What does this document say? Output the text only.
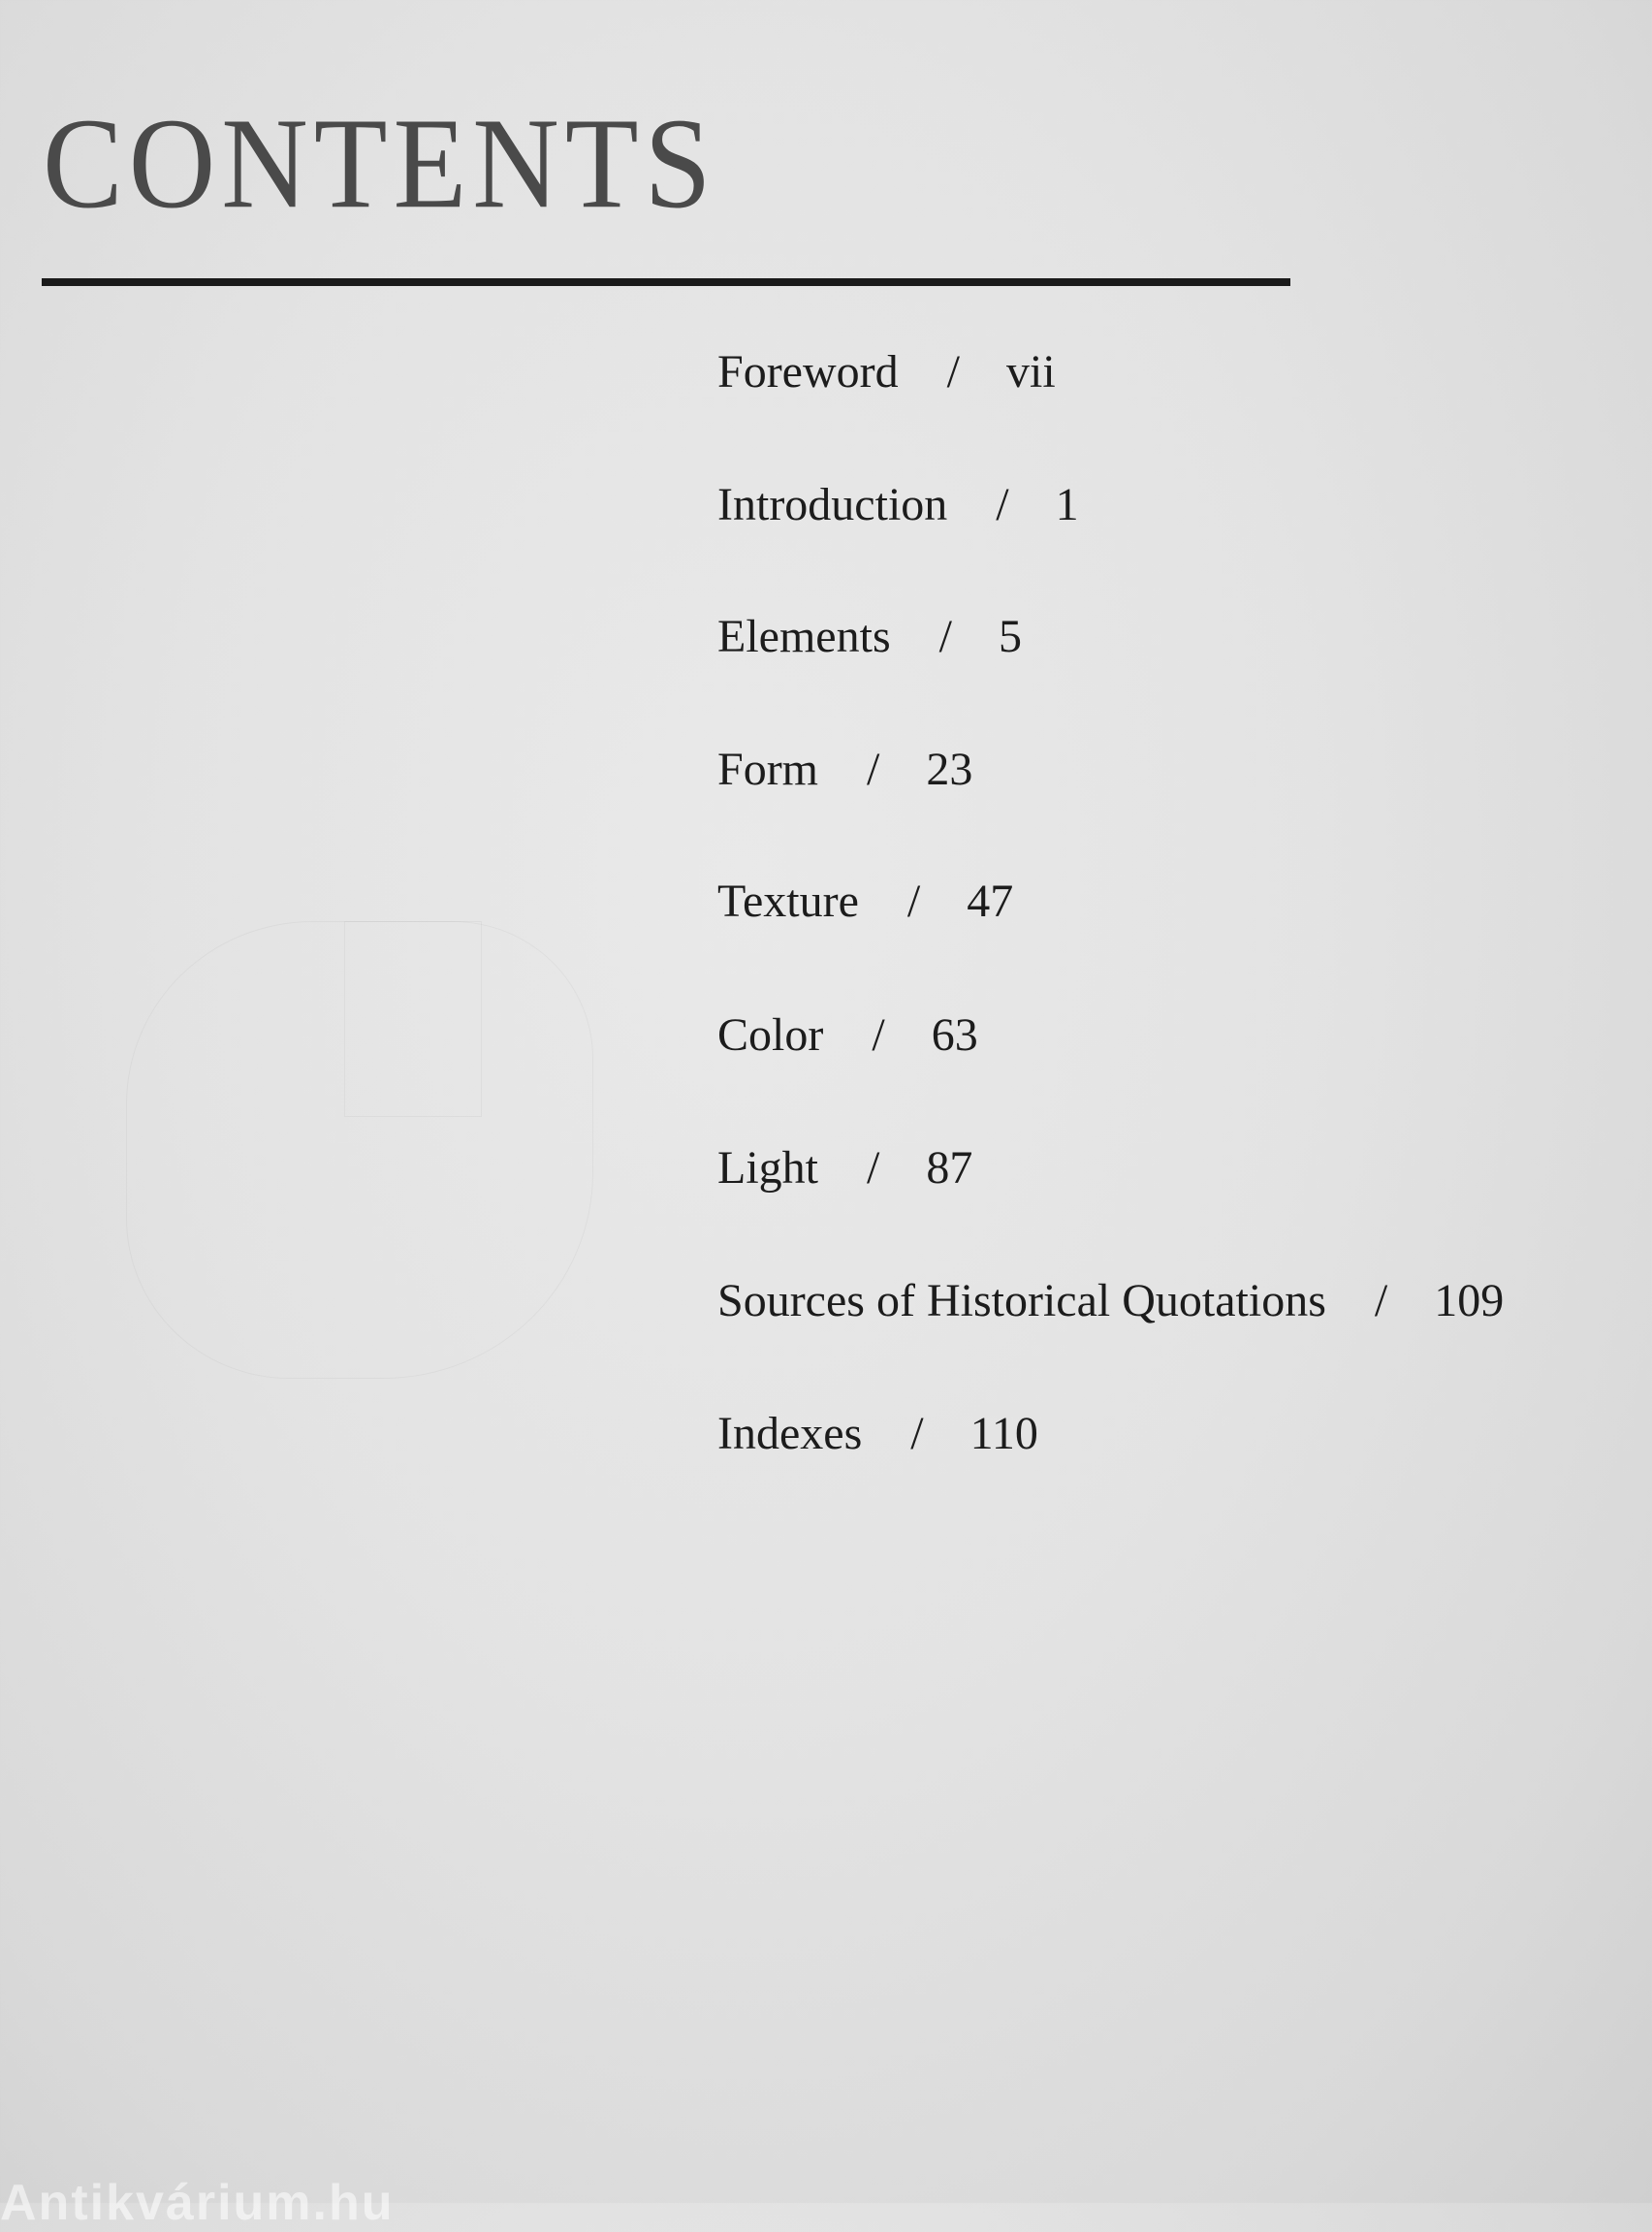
CONTENTS
Foreword / vii
Introduction / 1
Elements / 5
Form / 23
Texture / 47
Color / 63
Light / 87
Sources of Historical Quotations / 109
Indexes / 110
Antikvárium.hu
